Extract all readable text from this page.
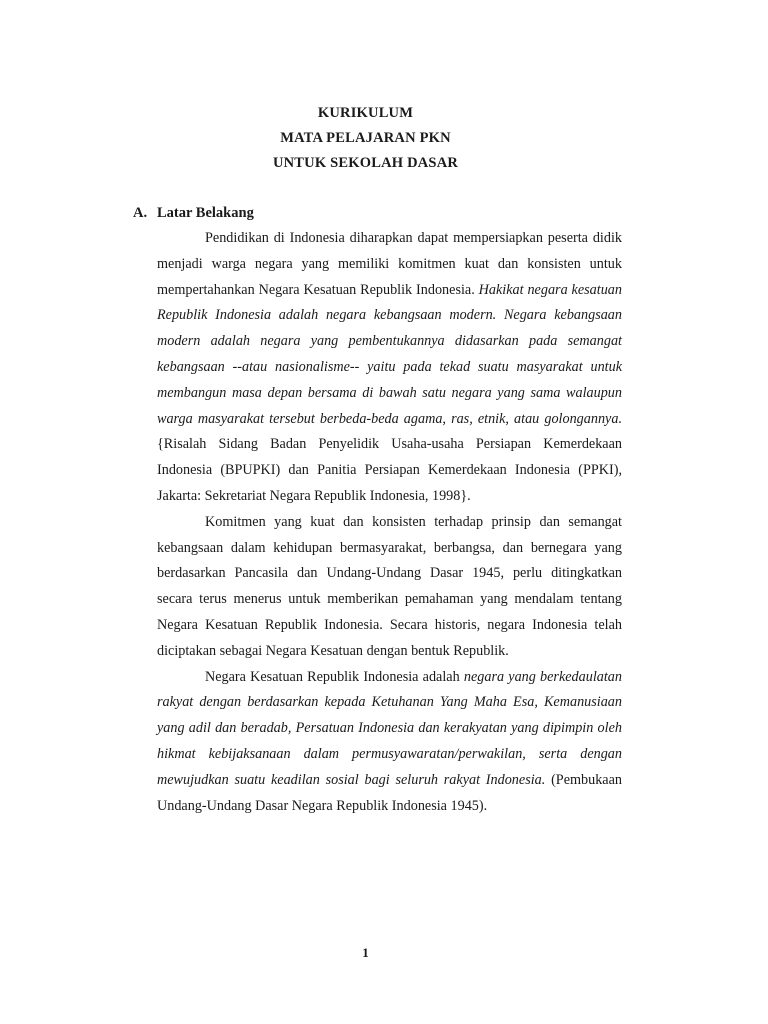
KURIKULUM
MATA PELAJARAN PKN
UNTUK SEKOLAH DASAR
A. Latar Belakang

Pendidikan di Indonesia diharapkan dapat mempersiapkan peserta didik menjadi warga negara yang memiliki komitmen kuat dan konsisten untuk mempertahankan Negara Kesatuan Republik Indonesia. Hakikat negara kesatuan Republik Indonesia adalah negara kebangsaan modern. Negara kebangsaan modern adalah negara yang pembentukannya didasarkan pada semangat kebangsaan --atau nasionalisme-- yaitu pada tekad suatu masyarakat untuk membangun masa depan bersama di bawah satu negara yang sama walaupun warga masyarakat tersebut berbeda-beda agama, ras, etnik, atau golongannya. {Risalah Sidang Badan Penyelidik Usaha-usaha Persiapan Kemerdekaan Indonesia (BPUPKI) dan Panitia Persiapan Kemerdekaan Indonesia (PPKI), Jakarta: Sekretariat Negara Republik Indonesia, 1998}.

Komitmen yang kuat dan konsisten terhadap prinsip dan semangat kebangsaan dalam kehidupan bermasyarakat, berbangsa, dan bernegara yang berdasarkan Pancasila dan Undang-Undang Dasar 1945, perlu ditingkatkan secara terus menerus untuk memberikan pemahaman yang mendalam tentang Negara Kesatuan Republik Indonesia. Secara historis, negara Indonesia telah diciptakan sebagai Negara Kesatuan dengan bentuk Republik.

Negara Kesatuan Republik Indonesia adalah negara yang berkedaulatan rakyat dengan berdasarkan kepada Ketuhanan Yang Maha Esa, Kemanusiaan yang adil dan beradab, Persatuan Indonesia dan kerakyatan yang dipimpin oleh hikmat kebijaksanaan dalam permusyawaratan/perwakilan, serta dengan mewujudkan suatu keadilan sosial bagi seluruh rakyat Indonesia. (Pembukaan Undang-Undang Dasar Negara Republik Indonesia 1945).

1
